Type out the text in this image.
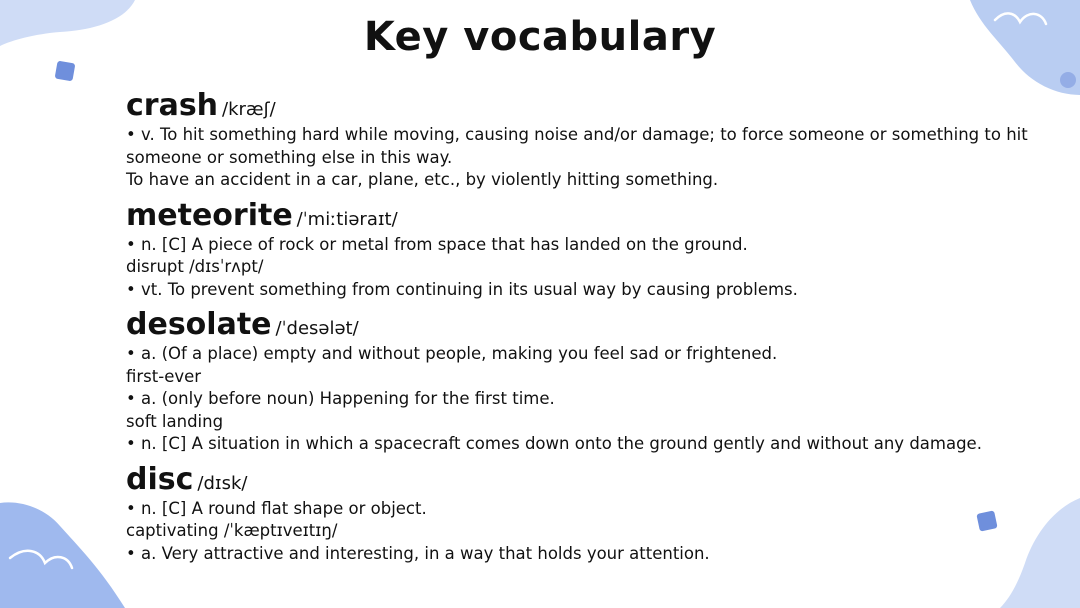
Key vocabulary
crash /kræʃ/
• v. To hit something hard while moving, causing noise and/or damage; to force someone or something to hit someone or something else in this way.
To have an accident in a car, plane, etc., by violently hitting something.
meteorite /ˈmiːtiəraɪt/
• n. [C] A piece of rock or metal from space that has landed on the ground.
disrupt /dɪsˈrʌpt/
• vt. To prevent something from continuing in its usual way by causing problems.
desolate /ˈdesələt/
• a. (Of a place) empty and without people, making you feel sad or frightened.
first-ever
• a. (only before noun) Happening for the first time.
soft landing
• n. [C] A situation in which a spacecraft comes down onto the ground gently and without any damage.
disc /dɪsk/
• n. [C] A round flat shape or object.
captivating /ˈkæptɪveɪtɪŋ/
• a. Very attractive and interesting, in a way that holds your attention.
